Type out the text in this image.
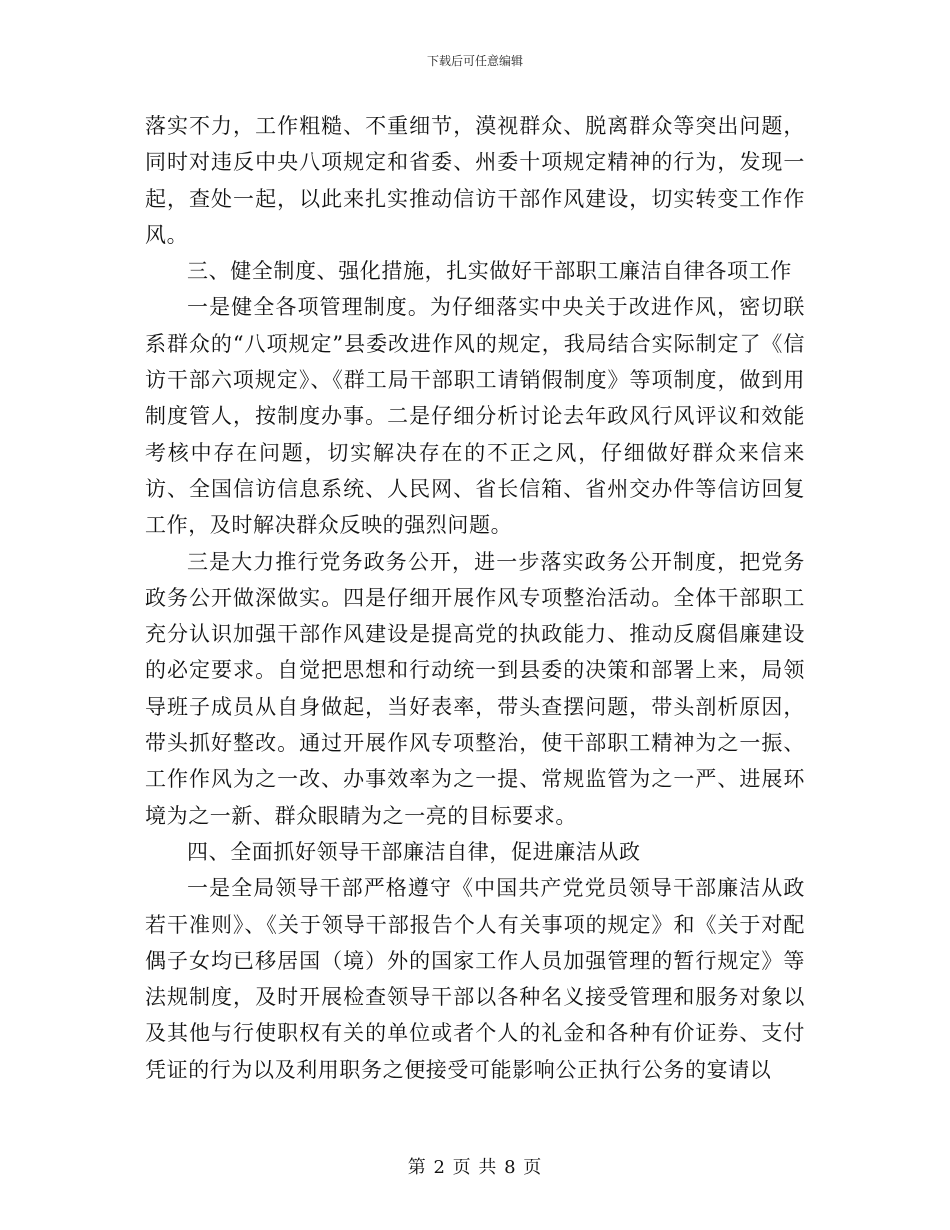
下载后可任意编辑

落实不力，工作粗糙、不重细节，漠视群众、脱离群众等突出问题，同时对违反中央八项规定和省委、州委十项规定精神的行为，发现一起，查处一起，以此来扎实推动信访干部作风建设，切实转变工作作风。

三、健全制度、强化措施，扎实做好干部职工廉洁自律各项工作

一是健全各项管理制度。为仔细落实中央关于改进作风，密切联系群众的“八项规定”县委改进作风的规定，我局结合实际制定了《信访干部六项规定》、《群工局干部职工请销假制度》等项制度，做到用制度管人，按制度办事。二是仔细分析讨论去年政风行风评议和效能考核中存在问题，切实解决存在的不正之风，仔细做好群众来信来访、全国信访信息系统、人民网、省长信箱、省州交办件等信访回复工作，及时解决群众反映的强烈问题。

三是大力推行党务政务公开，进一步落实政务公开制度，把党务政务公开做深做实。四是仔细开展作风专项整治活动。全体干部职工充分认识加强干部作风建设是提高党的执政能力、推动反腐倡廉建设的必定要求。自觉把思想和行动统一到县委的决策和部署上来，局领导班子成员从自身做起，当好表率，带头查摆问题，带头剖析原因，带头抓好整改。通过开展作风专项整治，使干部职工精神为之一振、工作作风为之一改、办事效率为之一提、常规监管为之一严、进展环境为之一新、群众眼睛为之一亮的目标要求。

四、全面抓好领导干部廉洁自律，促进廉洁从政

一是全局领导干部严格遵守《中国共产党党员领导干部廉洁从政若干准则》、《关于领导干部报告个人有关事项的规定》和《关于对配偶子女均已移居国（境）外的国家工作人员加强管理的暂行规定》等法规制度，及时开展检查领导干部以各种名义接受管理和服务对象以及其他与行使职权有关的单位或者个人的礼金和各种有价证券、支付凭证的行为以及利用职务之便接受可能影响公正执行公务的宴请以

第 2 页 共 8 页
